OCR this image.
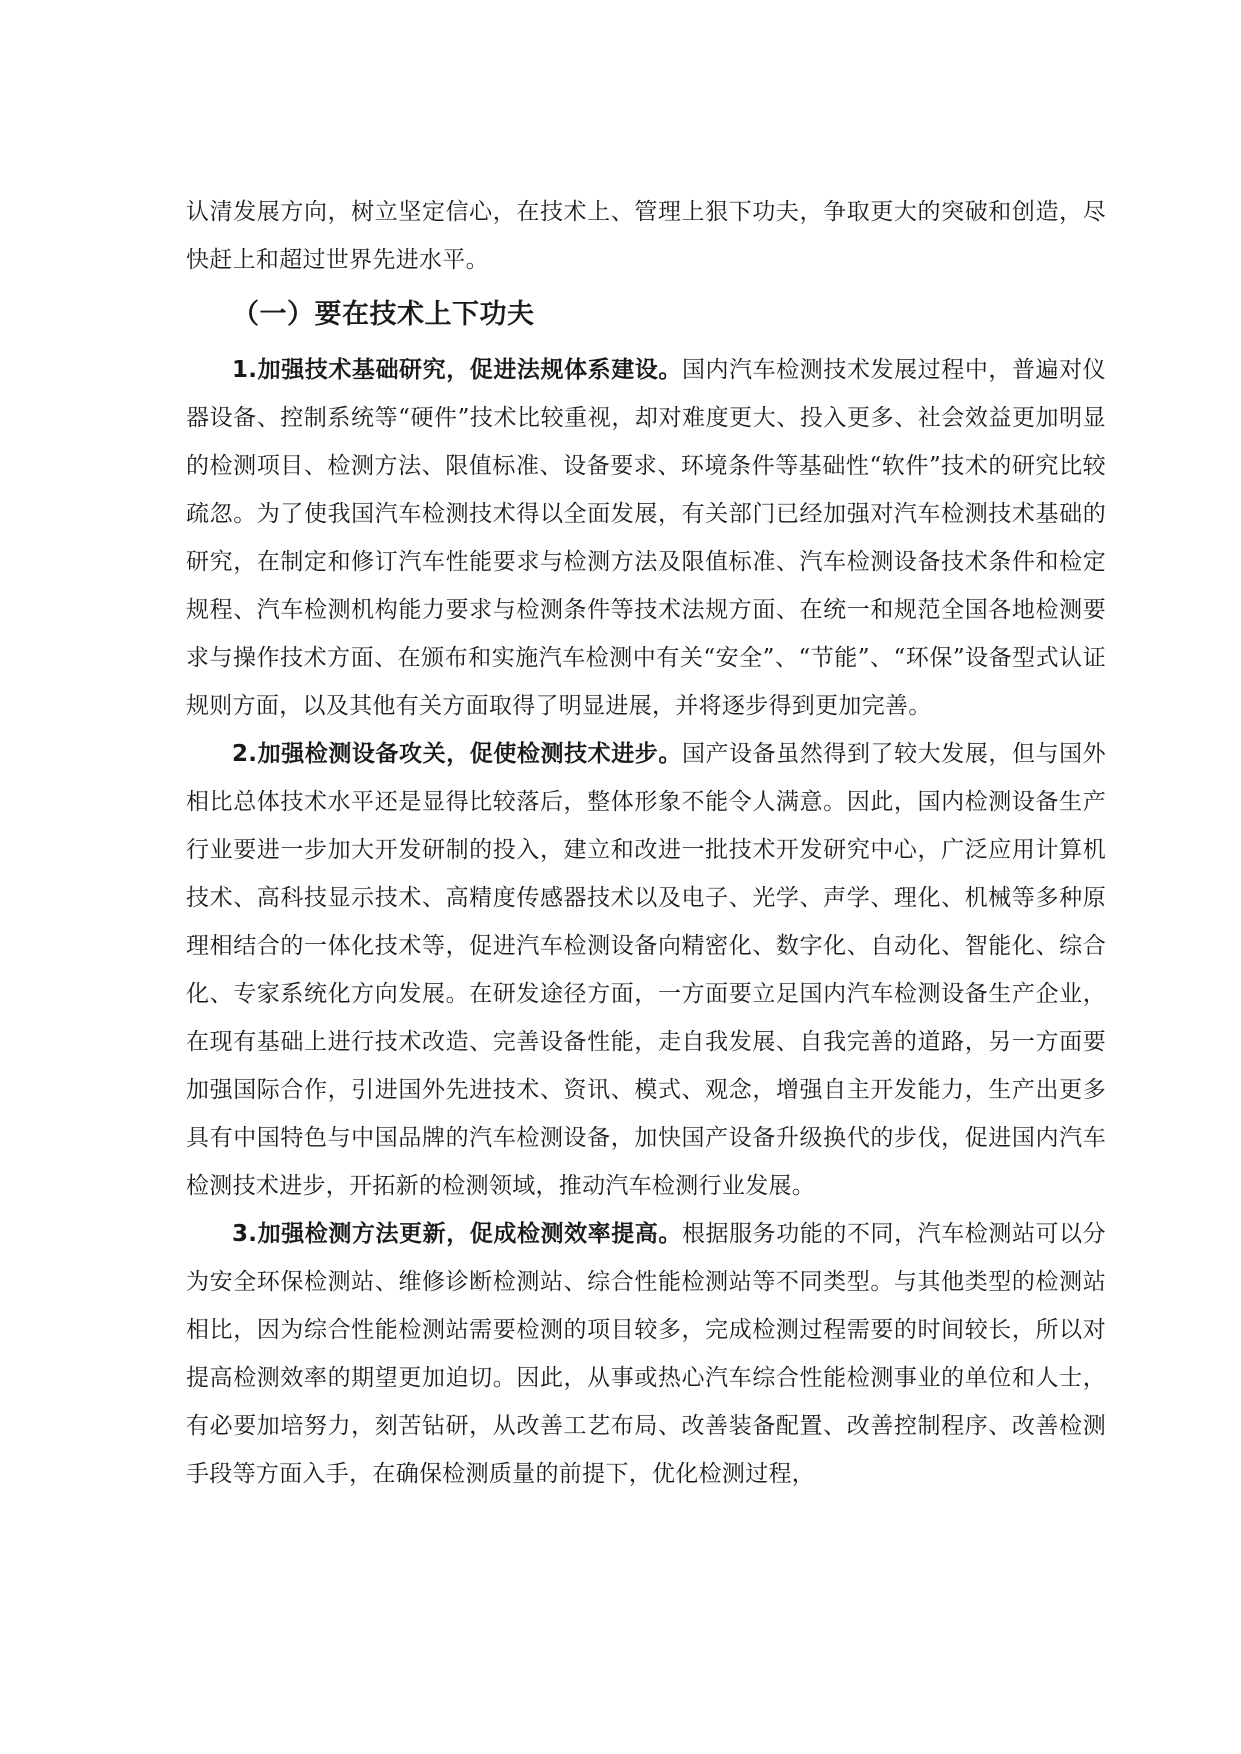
认清发展方向，树立坚定信心，在技术上、管理上狠下功夫，争取更大的突破和创造，尽快赶上和超过世界先进水平。

（一）要在技术上下功夫

1.加强技术基础研究，促进法规体系建设。国内汽车检测技术发展过程中，普遍对仪器设备、控制系统等“硬件”技术比较重视，却对难度更大、投入更多、社会效益更加明显的检测项目、检测方法、限值标准、设备要求、环境条件等基础性“软件”技术的研究比较疏忽。为了使我国汽车检测技术得以全面发展，有关部门已经加强对汽车检测技术基础的研究，在制定和修订汽车性能要求与检测方法及限值标准、汽车检测设备技术条件和检定规程、汽车检测机构能力要求与检测条件等技术法规方面、在统一和规范全国各地检测要求与操作技术方面、在颁布和实施汽车检测中有关“安全”、“节能”、“环保”设备型式认证规则方面，以及其他有关方面取得了明显进展，并将逐步得到更加完善。

2.加强检测设备攻关，促使检测技术进步。国产设备虽然得到了较大发展，但与国外相比总体技术水平还是显得比较落后，整体形象不能令人满意。因此，国内检测设备生产行业要进一步加大开发研制的投入，建立和改进一批技术开发研究中心，广泛应用计算机技术、高科技显示技术、高精度传感器技术以及电子、光学、声学、理化、机械等多种原理相结合的一体化技术等，促进汽车检测设备向精密化、数字化、自动化、智能化、综合化、专家系统化方向发展。在研发途径方面，一方面要立足国内汽车检测设备生产企业，在现有基础上进行技术改造、完善设备性能，走自我发展、自我完善的道路，另一方面要加强国际合作，引进国外先进技术、资讯、模式、观念，增强自主开发能力，生产出更多具有中国特色与中国品牌的汽车检测设备，加快国产设备升级换代的步伐，促进国内汽车检测技术进步，开拓新的检测领域，推动汽车检测行业发展。

3.加强检测方法更新，促成检测效率提高。根据服务功能的不同，汽车检测站可以分为安全环保检测站、维修诊断检测站、综合性能检测站等不同类型。与其他类型的检测站相比，因为综合性能检测站需要检测的项目较多，完成检测过程需要的时间较长，所以对提高检测效率的期望更加迫切。因此，从事或热心汽车综合性能检测事业的单位和人士，有必要加培努力，刻苦钻研，从改善工艺布局、改善装备配置、改善控制程序、改善检测手段等方面入手，在确保检测质量的前提下，优化检测过程，
